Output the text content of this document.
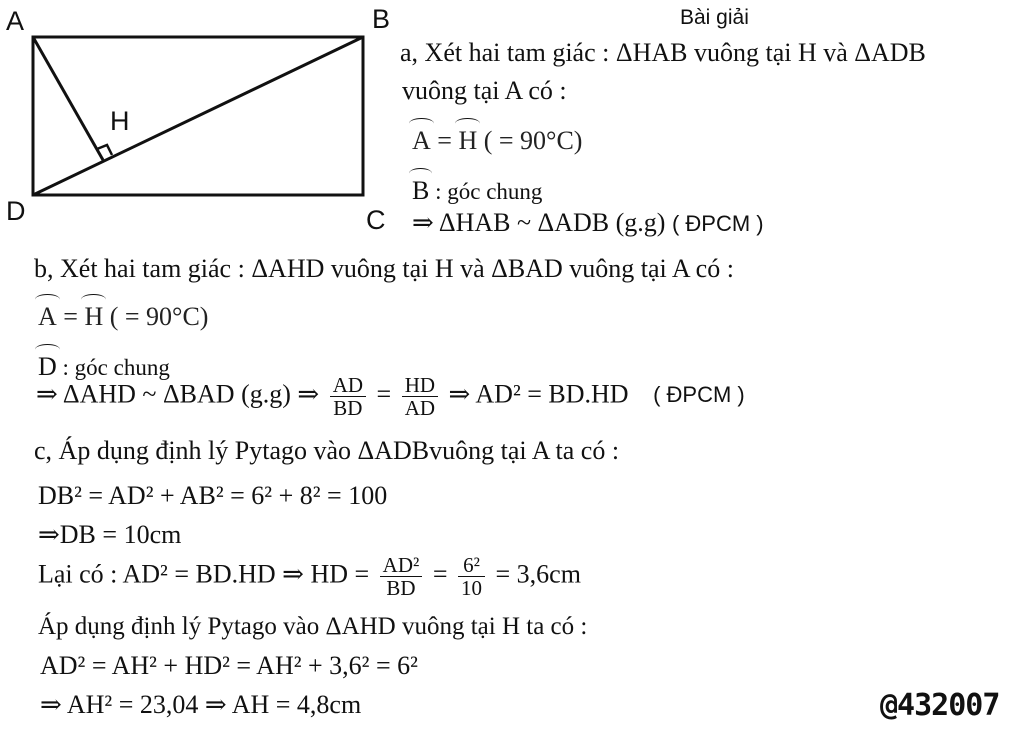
A	B
C
D
H
Bài giải
a, Xét hai tam giác : ΔHAB vuông tại H và ΔADB
vuông tại A có :
A = H ( = 90°C)
B : góc chung
⇒ ΔHAB ~ ΔADB (g.g) ( ĐPCM )
b, Xét hai tam giác : ΔAHD vuông tại H và ΔBAD vuông tại A có :
A = H ( = 90°C)
D : góc chung
⇒ ΔAHD ~ ΔBAD (g.g) ⇒ $\frac{AD}{BD} = \frac{HD}{AD}$ ⇒ AD² = BD.HD ( ĐPCM )
c, Áp dụng định lý Pytago vào ΔADBvuông tại A ta có :
DB² = AD² + AB² = 6² + 8² = 100
⇒DB = 10cm
Lại có : AD² = BD.HD ⇒ HD = $\frac{\text{AD²}}{BD} = \frac{\text{6²}}{10} = 3,6cm$
Áp dụng định lý Pytago vào ΔAHD vuông tại H ta có :
AD² = AH² + HD² = AH² + 3,6² = 6²
⇒ AH² = 23,04 ⇒ AH = 4,8cm	@432007
